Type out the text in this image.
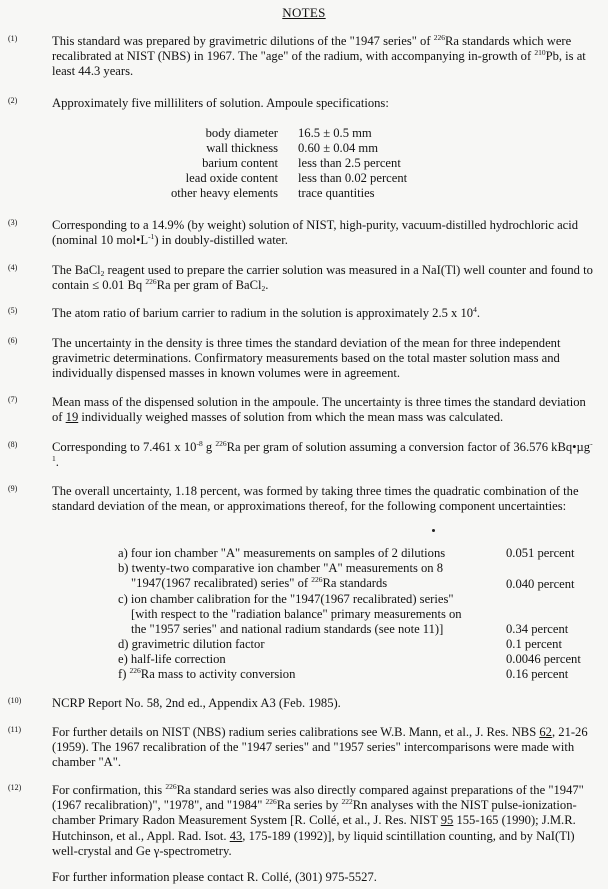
NOTES
(1)	This standard was prepared by gravimetric dilutions of the "1947 series" of $^{226}$Ra standards which were recalibrated at NIST (NBS) in 1967. The "age" of the radium, with accompanying in-growth of $^{210}$Pb, is at least 44.3 years.

(2)	Approximately five milliliters of solution. Ampoule specifications:

body diameter 16.5 ± 0.5 mm
wall thickness 0.60 ± 0.04 mm
barium content less than 2.5 percent
lead oxide content less than 0.02 percent
other heavy elements trace quantities
(3)	Corresponding to a 14.9% (by weight) solution of NIST, high-purity, vacuum-distilled hydrochloric acid (nominal 10 $mol•L^{-1}$) in doubly-distilled water.

(4)	The BaCl$_2$ reagent used to prepare the carrier solution was measured in a NaI(Tl) well counter and found to contain ≤ 0.01 Bq $^{226}$Ra per gram of BaCl$_2$.

(5)	The atom ratio of barium carrier to radium in the solution is approximately 2.5 x $10^4$.

(6)	The uncertainty in the density is three times the standard deviation of the mean for three independent gravimetric determinations. Confirmatory measurements based on the total master solution mass and individually dispensed masses in known volumes were in agreement.

(7)	Mean mass of the dispensed solution in the ampoule. The uncertainty is three times the standard deviation of 19 individually weighed masses of solution from which the mean mass was calculated.

(8)	Corresponding to 7.461 x $10^{-8}$ g $^{226}$Ra per gram of solution assuming a conversion factor of 36.576 kBq•µg$^{-1}$.

(9)	The overall uncertainty, 1.18 percent, was formed by taking three times the quadratic combination of the standard deviation of the mean, or approximations thereof, for the following component uncertainties:

a) four ion chamber "A" measurements on samples of 2 dilutions	0.051 percent
b) twenty-two comparative ion chamber "A" measurements on 8
"1947(1967 recalibrated) series" of $^{226}$Ra standards	0.040 percent
c) ion chamber calibration for the "1947(1967 recalibrated) series"
[with respect to the "radiation balance" primary measurements on
the "1957 series" and national radium standards (see note 11)]	0.34 percent
d) gravimetric dilution factor	0.1 percent
e) half-life correction	0.0046 percent
f) $^{226}$Ra mass to activity conversion	0.16 percent
(10) NCRP Report No. 58, 2nd ed., Appendix A3 (Feb. 1985).

(11) For further details on NIST (NBS) radium series calibrations see W.B. Mann, et al., J. Res. NBS 62, 21-26 (1959). The 1967 recalibration of the "1947 series" and "1957 series" intercomparisons were made with chamber "A".

(12) For confirmation, this $^{226}$Ra standard series was also directly compared against preparations of the "1947" (1967 recalibration)", "1978", and "1984" $^{226}$Ra series by $^{222}$Rn analyses with the NIST pulse-ionization-chamber Primary Radon Measurement System [R. Collé, et al., J. Res. NIST 95 155-165 (1990); J.M.R. Hutchinson, et al., Appl. Rad. Isot. 43, 175-189 (1992)], by liquid scintillation counting, and by NaI(Tl) well-crystal and Ge γ-spectrometry.

For further information please contact R. Collé, (301) 975-5527.
